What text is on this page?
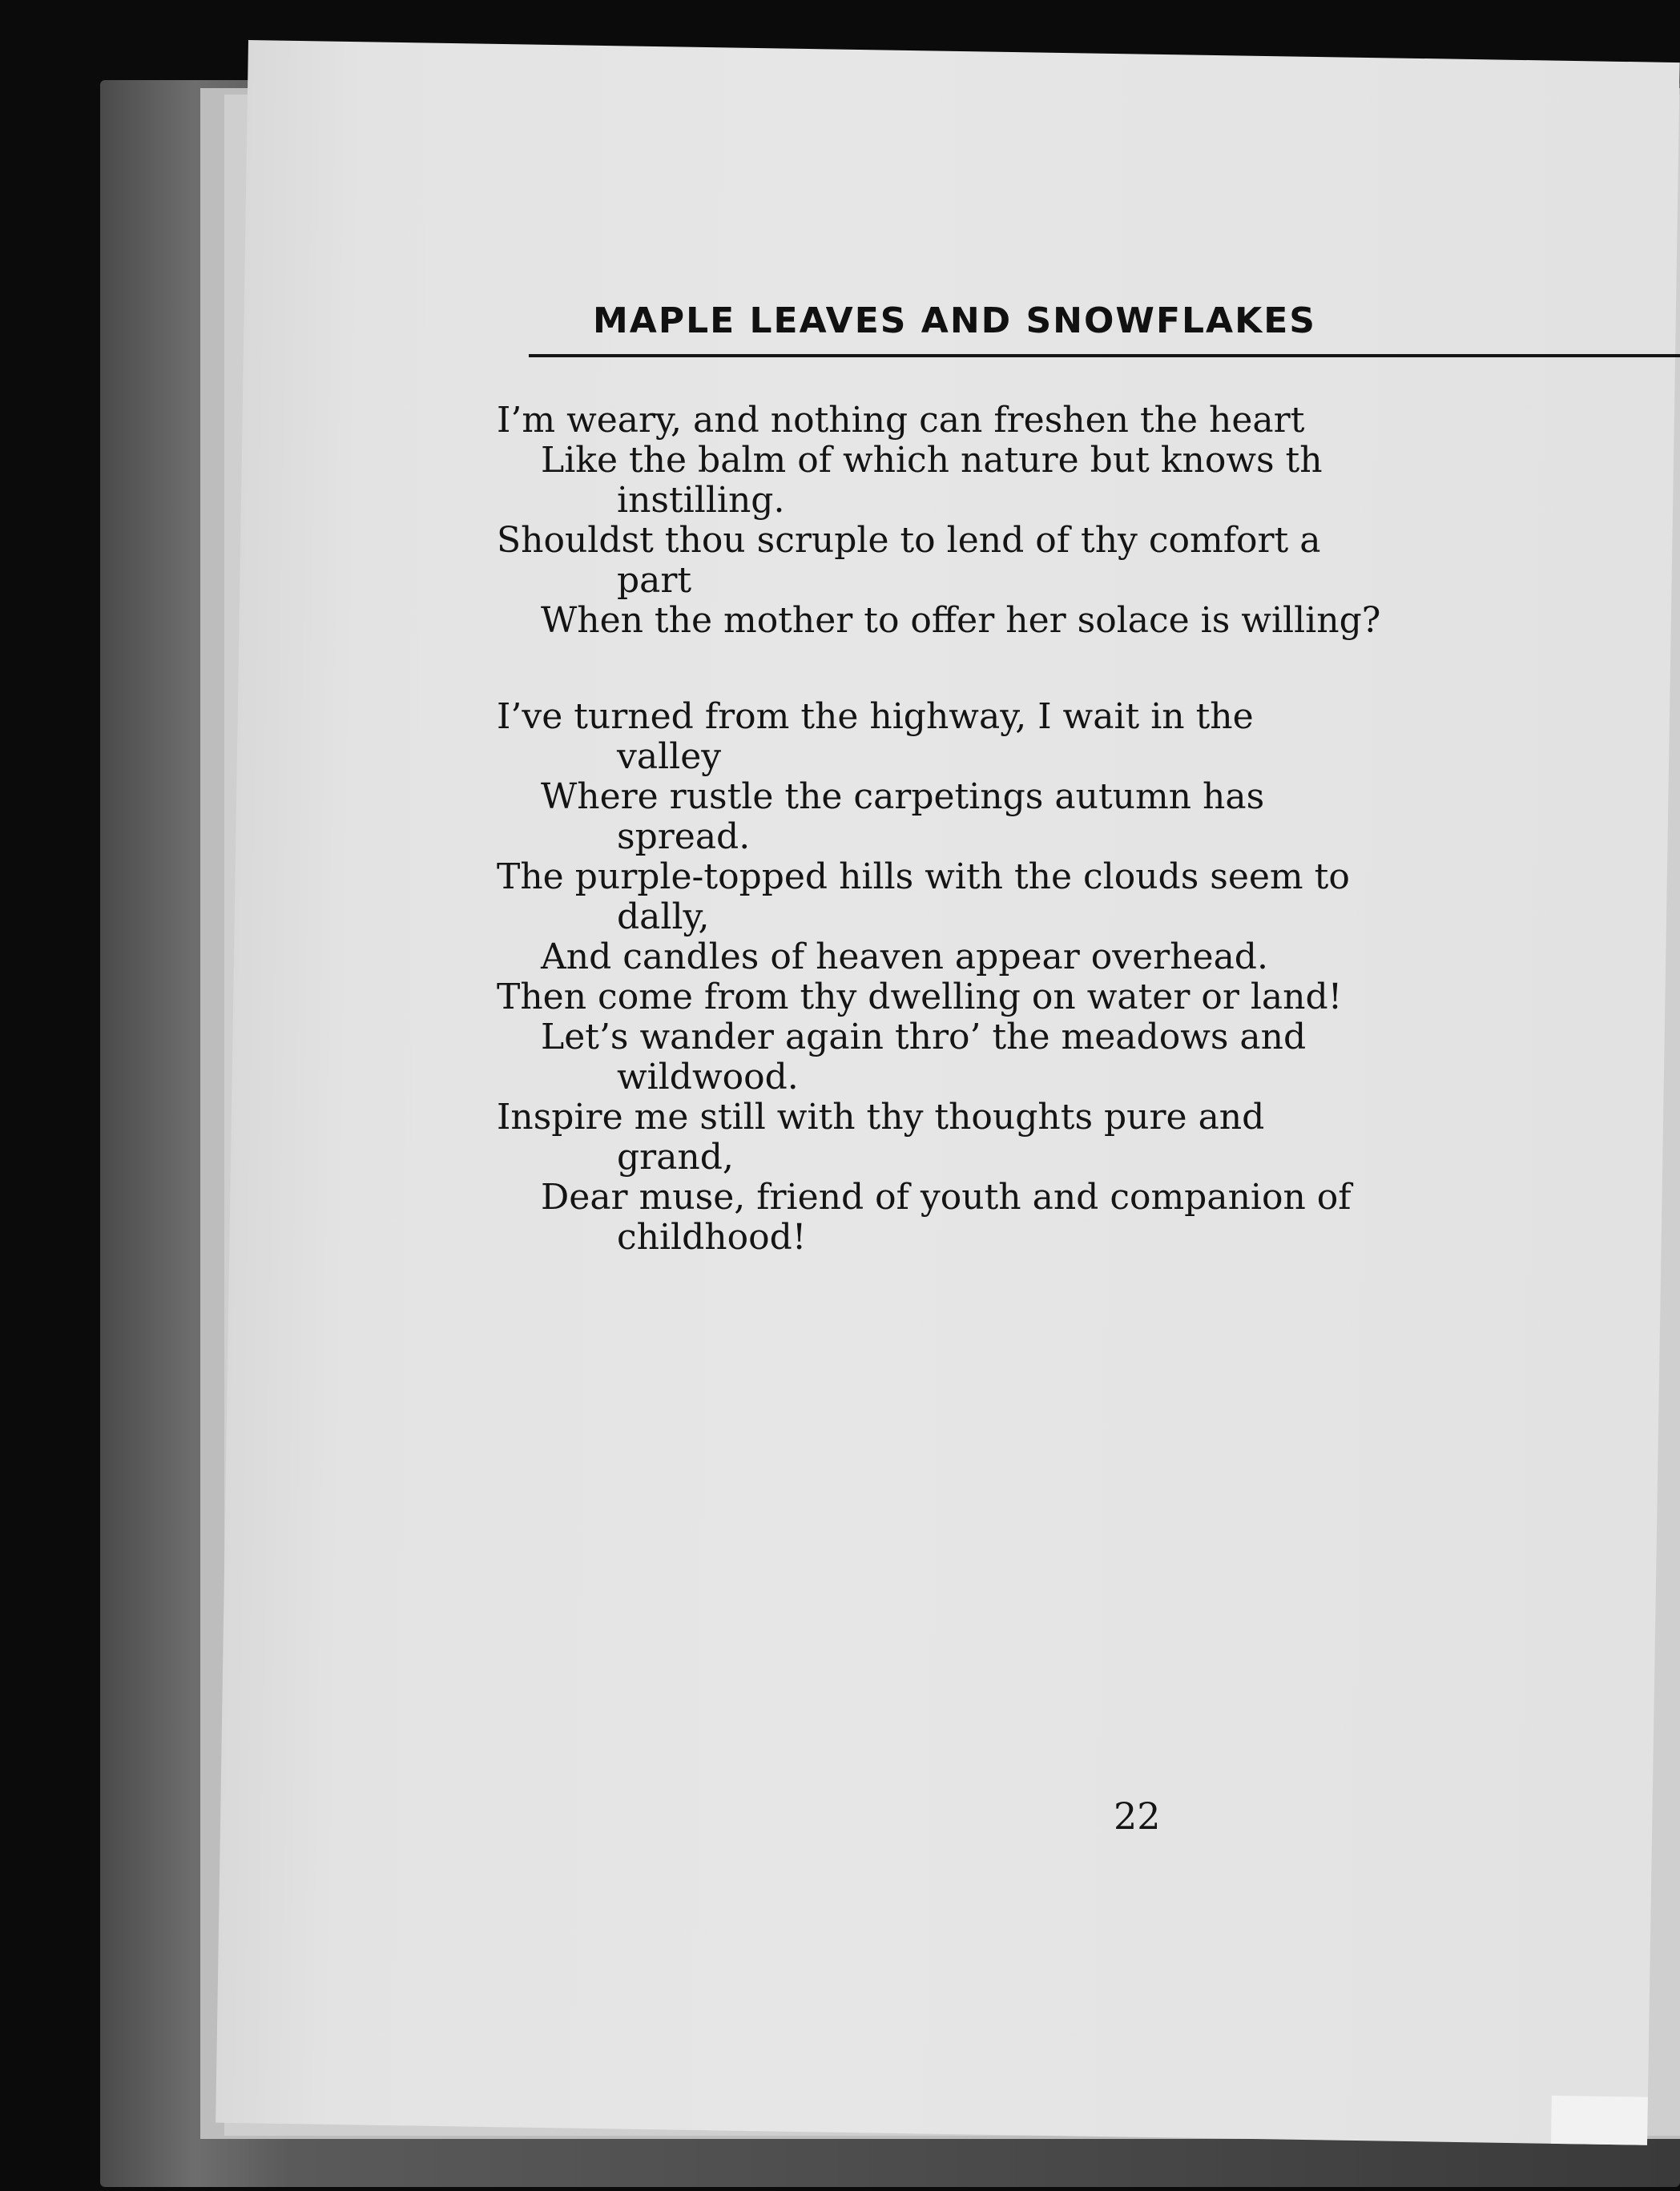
MAPLE LEAVES AND SNOWFLAKES
I’m weary, and nothing can freshen the heart
Like the balm of which nature but knows th
instilling.
Shouldst thou scruple to lend of thy comfort a
part
When the mother to offer her solace is willing?
I’ve turned from the highway, I wait in the
valley
Where rustle the carpetings autumn has
spread.
The purple-topped hills with the clouds seem to
dally,
And candles of heaven appear overhead.
Then come from thy dwelling on water or land!
Let’s wander again thro’ the meadows and
wildwood.
Inspire me still with thy thoughts pure and
grand,
Dear muse, friend of youth and companion of
childhood!
22
